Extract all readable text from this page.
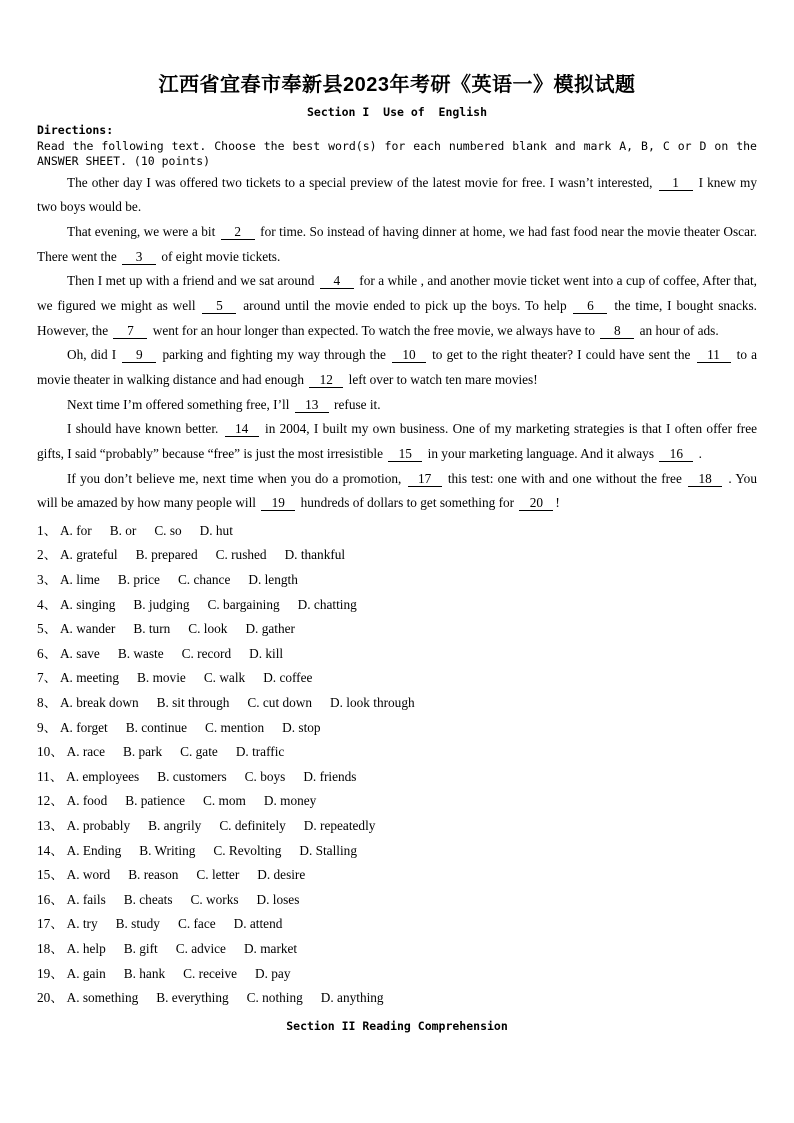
江西省宜春市奉新县2023年考研《英语一》模拟试题
Section I  Use of  English
Directions:
Read the following text. Choose the best word(s) for each numbered blank and mark A, B, C or D on the ANSWER SHEET. (10 points)

The other day I was offered two tickets to a special preview of the latest movie for free. I wasn’t interested, 1 I knew my two boys would be.

That evening, we were a bit 2 for time. So instead of having dinner at home, we had fast food near the movie theater Oscar. There went the 3 of eight movie tickets.

Then I met up with a friend and we sat around 4 for a while , and another movie ticket went into a cup of coffee, After that, we figured we might as well 5 around until the movie ended to pick up the boys. To help 6 the time, I bought snacks. However, the 7 went for an hour longer than expected. To watch the free movie, we always have to 8 an hour of ads.

Oh, did I 9 parking and fighting my way through the 10 to get to the right theater? I could have sent the 11 to a movie theater in walking distance and had enough 12 left over to watch ten mare movies!

Next time I’m offered something free, I’ll 13 refuse it.

I should have known better. 14 in 2004, I built my own business. One of my marketing strategies is that I often offer free gifts, I said “probably” because “free” is just the most irresistible 15 in your marketing language. And it always 16 .

If you don’t believe me, next time when you do a promotion, 17 this test: one with and one without the free 18 . You will be amazed by how many people will 19 hundreds of dollars to get something for 20 !

1、 A. for B. or C. so D. hut
2、 A. grateful B. prepared C. rushed D. thankful
3、 A. lime B. price C. chance D. length
4、 A. singing B. judging C. bargaining D. chatting
5、 A. wander B. turn C. look D. gather
6、 A. save B. waste C. record D. kill
7、 A. meeting B. movie C. walk D. coffee
8、 A. break down B. sit through C. cut down D. look through
9、 A. forget B. continue C. mention D. stop
10、 A. race B. park C. gate D. traffic
11、 A. employees B. customers C. boys D. friends
12、 A. food B. patience C. mom D. money
13、 A. probably B. angrily C. definitely D. repeatedly
14、 A. Ending B. Writing C. Revolting D. Stalling
15、 A. word B. reason C. letter D. desire
16、 A. fails B. cheats C. works D. loses
17、 A. try B. study C. face D. attend
18、 A. help B. gift C. advice D. market
19、 A. gain B. hank C. receive D. pay
20、 A. something B. everything C. nothing D. anything
Section II Reading Comprehension
